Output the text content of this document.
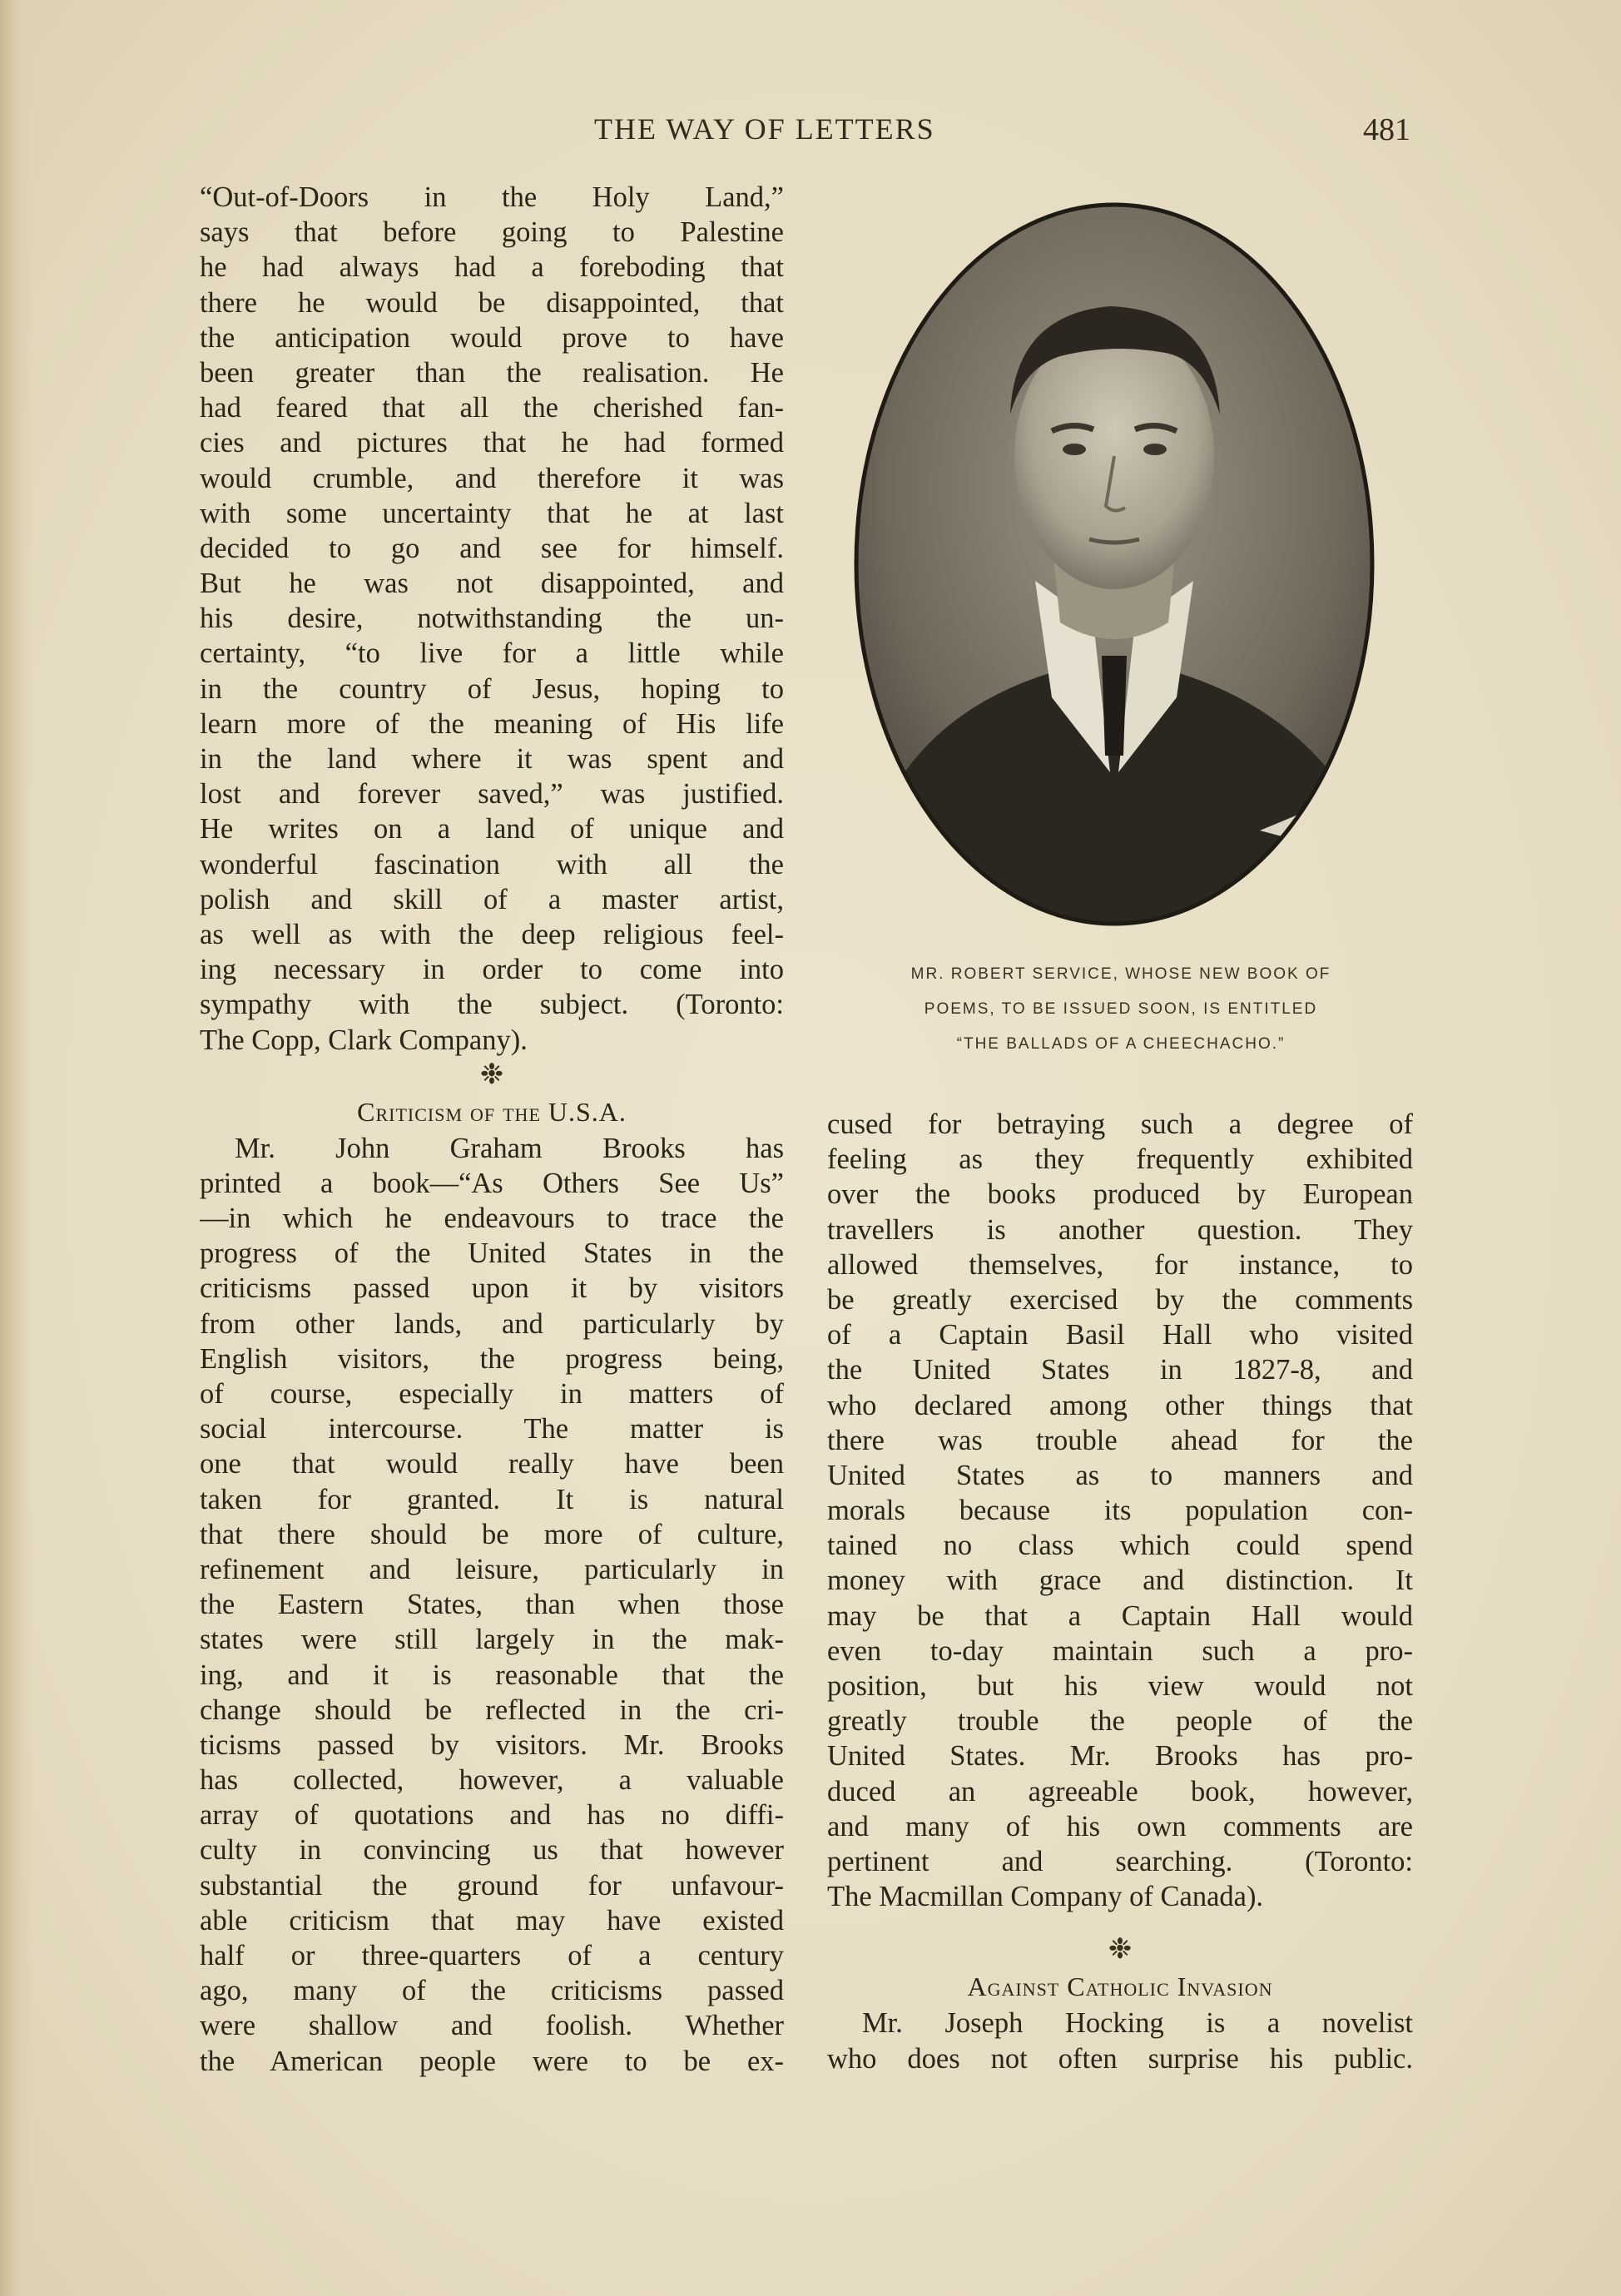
THE WAY OF LETTERS	481
“Out-of-Doors in the Holy Land,”
says that before going to Palestine
he had always had a foreboding that
there he would be disappointed, that
the anticipation would prove to have
been greater than the realisation. He
had feared that all the cherished fan-
cies and pictures that he had formed
would crumble, and therefore it was
with some uncertainty that he at last
decided to go and see for himself.
But he was not disappointed, and
his desire, notwithstanding the un-
certainty, “to live for a little while
in the country of Jesus, hoping to
learn more of the meaning of His life
in the land where it was spent and
lost and forever saved,” was justified.
He writes on a land of unique and
wonderful fascination with all the
polish and skill of a master artist,
as well as with the deep religious feel-
ing necessary in order to come into
sympathy with the subject. (Toronto:
The Copp, Clark Company).
❉
Criticism of the U.S.A.
Mr. John Graham Brooks has
printed a book—“As Others See Us”
—in which he endeavours to trace the
progress of the United States in the
criticisms passed upon it by visitors
from other lands, and particularly by
English visitors, the progress being,
of course, especially in matters of
social intercourse. The matter is
one that would really have been
taken for granted. It is natural
that there should be more of culture,
refinement and leisure, particularly in
the Eastern States, than when those
states were still largely in the mak-
ing, and it is reasonable that the
change should be reflected in the cri-
ticisms passed by visitors. Mr. Brooks
has collected, however, a valuable
array of quotations and has no diffi-
culty in convincing us that however
substantial the ground for unfavour-
able criticism that may have existed
half or three-quarters of a century
ago, many of the criticisms passed
were shallow and foolish. Whether
the American people were to be ex-
MR. ROBERT SERVICE, WHOSE NEW BOOK OF
POEMS, TO BE ISSUED SOON, IS ENTITLED
“THE BALLADS OF A CHEECHACHO.”
cused for betraying such a degree of
feeling as they frequently exhibited
over the books produced by European
travellers is another question. They
allowed themselves, for instance, to
be greatly exercised by the comments
of a Captain Basil Hall who visited
the United States in 1827-8, and
who declared among other things that
there was trouble ahead for the
United States as to manners and
morals because its population con-
tained no class which could spend
money with grace and distinction. It
may be that a Captain Hall would
even to-day maintain such a pro-
position, but his view would not
greatly trouble the people of the
United States. Mr. Brooks has pro-
duced an agreeable book, however,
and many of his own comments are
pertinent and searching. (Toronto:
The Macmillan Company of Canada).
❉
Against Catholic Invasion
Mr. Joseph Hocking is a novelist
who does not often surprise his public.
